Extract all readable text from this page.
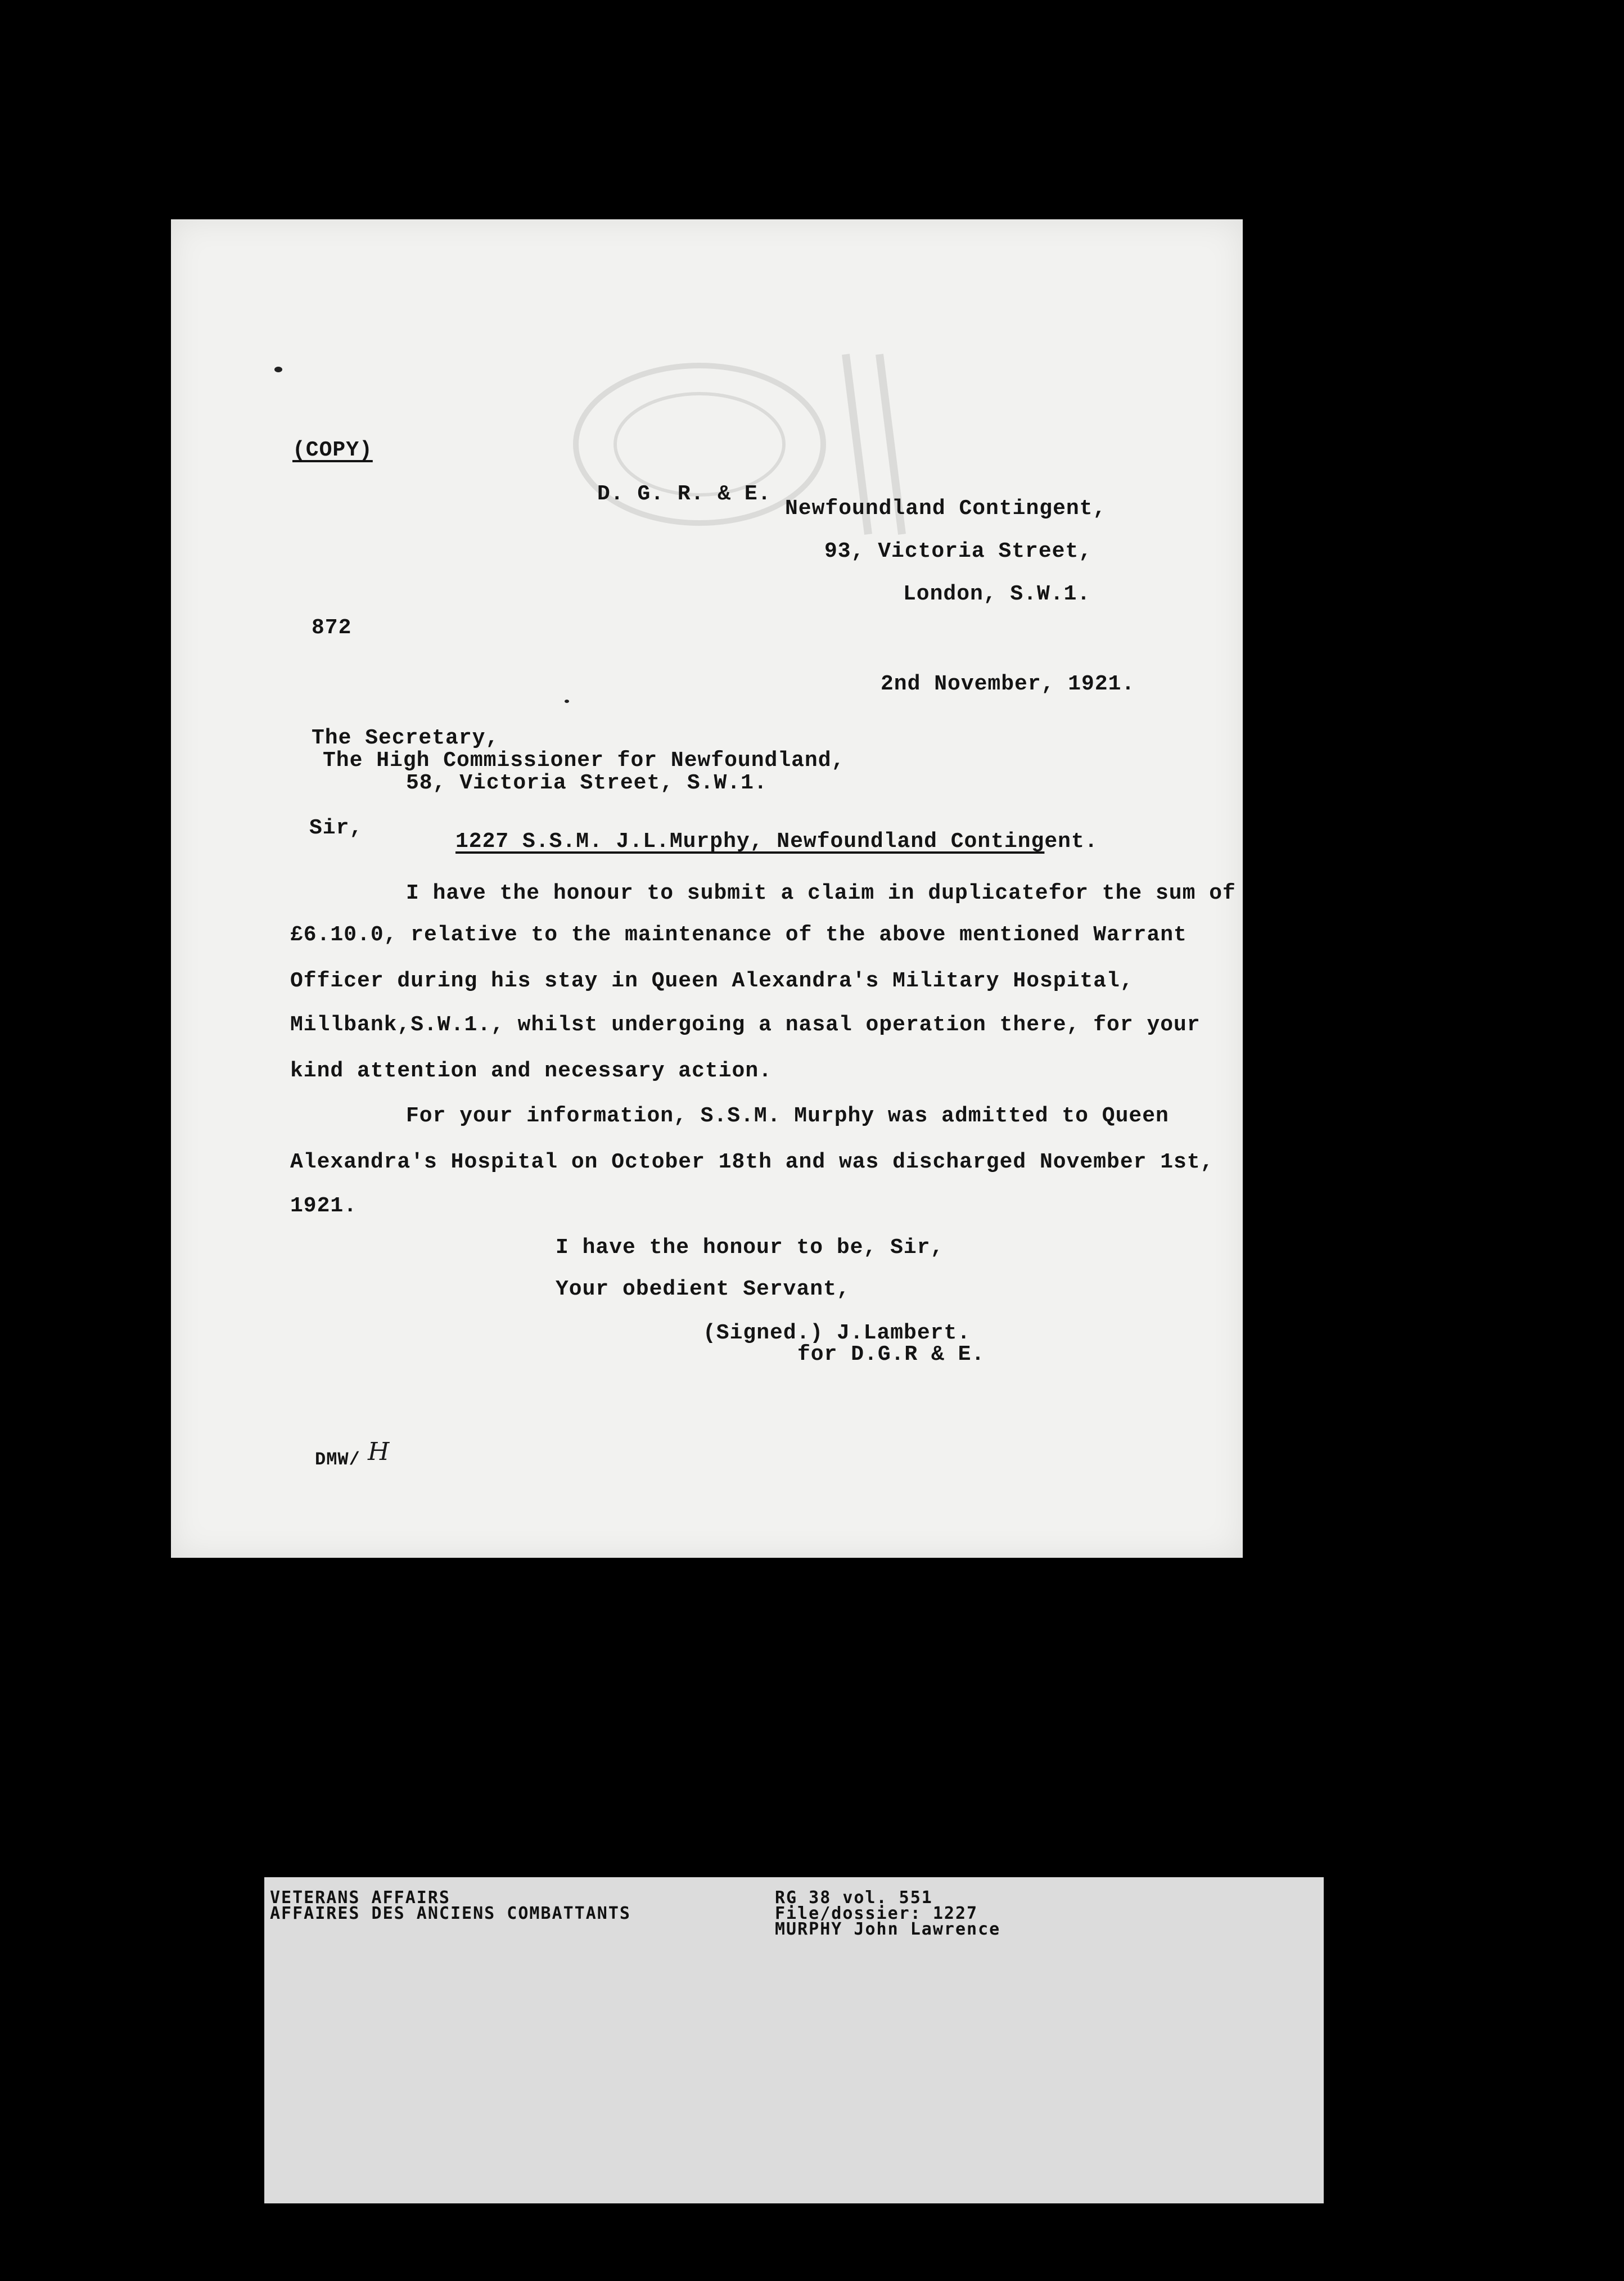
(COPY)
D. G. R. & E.
Newfoundland Contingent,
93, Victoria Street,
London, S.W.1.
872
2nd November, 1921.
The Secretary,
The High Commissioner for Newfoundland,
58, Victoria Street, S.W.1.
Sir,
1227 S.S.M. J.L.Murphy, Newfoundland Contingent.
I have the honour to submit a claim in duplicatefor the sum of
£6.10.0, relative to the maintenance of the above mentioned Warrant
Officer during his stay in Queen Alexandra's Military Hospital,
Millbank,S.W.1., whilst undergoing a nasal operation there, for your
kind attention and necessary action.
For your information, S.S.M. Murphy was admitted to Queen
Alexandra's Hospital on October 18th and was discharged November 1st,
1921.
I have the honour to be, Sir,
Your obedient Servant,
(Signed.) J.Lambert.
for D.G.R & E.
DMW/ H
VETERANS AFFAIRS
AFFAIRES DES ANCIENS COMBATTANTS
RG 38 vol. 551
File/dossier: 1227
MURPHY John Lawrence
